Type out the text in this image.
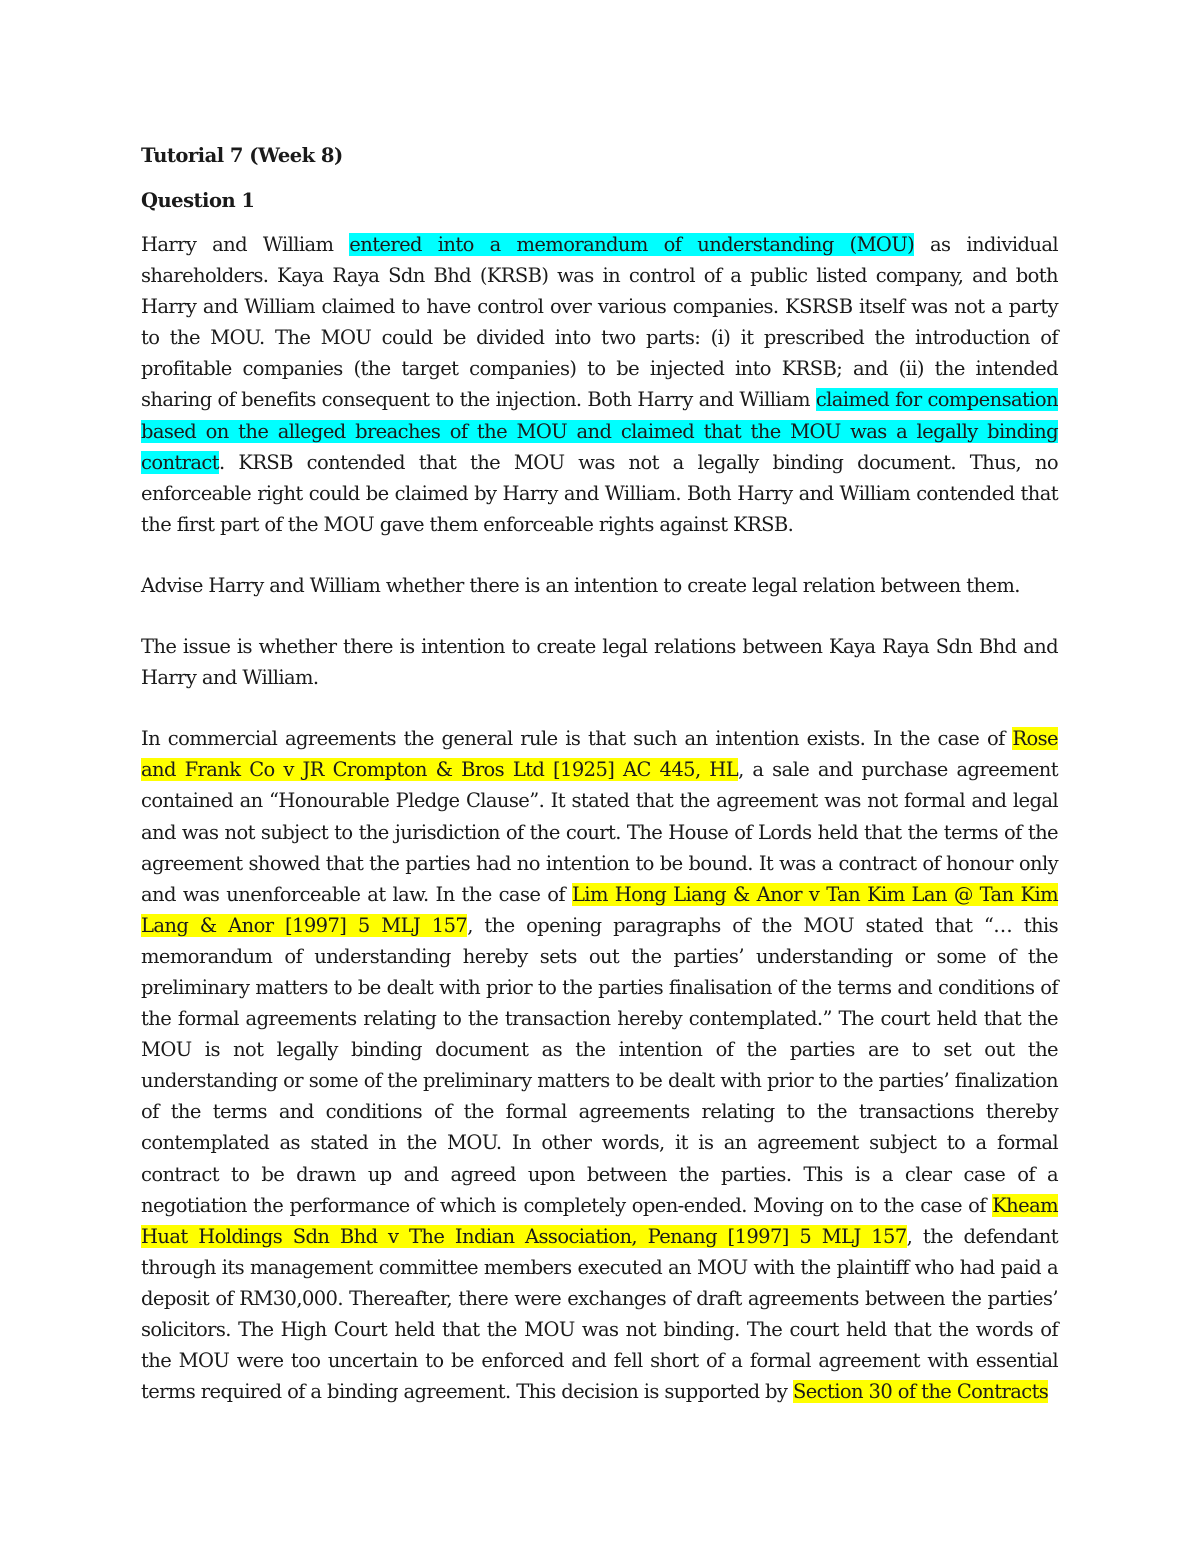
Tutorial 7 (Week 8)

Question 1

Harry and William entered into a memorandum of understanding (MOU) as individual shareholders. Kaya Raya Sdn Bhd (KRSB) was in control of a public listed company, and both Harry and William claimed to have control over various companies. KSRSB itself was not a party to the MOU. The MOU could be divided into two parts: (i) it prescribed the introduction of profitable companies (the target companies) to be injected into KRSB; and (ii) the intended sharing of benefits consequent to the injection. Both Harry and William claimed for compensation based on the alleged breaches of the MOU and claimed that the MOU was a legally binding contract. KRSB contended that the MOU was not a legally binding document. Thus, no enforceable right could be claimed by Harry and William. Both Harry and William contended that the first part of the MOU gave them enforceable rights against KRSB.

Advise Harry and William whether there is an intention to create legal relation between them.

The issue is whether there is intention to create legal relations between Kaya Raya Sdn Bhd and Harry and William.

In commercial agreements the general rule is that such an intention exists. In the case of Rose and Frank Co v JR Crompton & Bros Ltd [1925] AC 445, HL, a sale and purchase agreement contained an “Honourable Pledge Clause”. It stated that the agreement was not formal and legal and was not subject to the jurisdiction of the court. The House of Lords held that the terms of the agreement showed that the parties had no intention to be bound. It was a contract of honour only and was unenforceable at law. In the case of Lim Hong Liang & Anor v Tan Kim Lan @ Tan Kim Lang & Anor [1997] 5 MLJ 157, the opening paragraphs of the MOU stated that “… this memorandum of understanding hereby sets out the parties’ understanding or some of the preliminary matters to be dealt with prior to the parties finalisation of the terms and conditions of the formal agreements relating to the transaction hereby contemplated.” The court held that the MOU is not legally binding document as the intention of the parties are to set out the understanding or some of the preliminary matters to be dealt with prior to the parties’ finalization of the terms and conditions of the formal agreements relating to the transactions thereby contemplated as stated in the MOU. In other words, it is an agreement subject to a formal contract to be drawn up and agreed upon between the parties. This is a clear case of a negotiation the performance of which is completely open-ended. Moving on to the case of Kheam Huat Holdings Sdn Bhd v The Indian Association, Penang [1997] 5 MLJ 157, the defendant through its management committee members executed an MOU with the plaintiff who had paid a deposit of RM30,000. Thereafter, there were exchanges of draft agreements between the parties’ solicitors. The High Court held that the MOU was not binding. The court held that the words of the MOU were too uncertain to be enforced and fell short of a formal agreement with essential terms required of a binding agreement. This decision is supported by Section 30 of the Contracts
